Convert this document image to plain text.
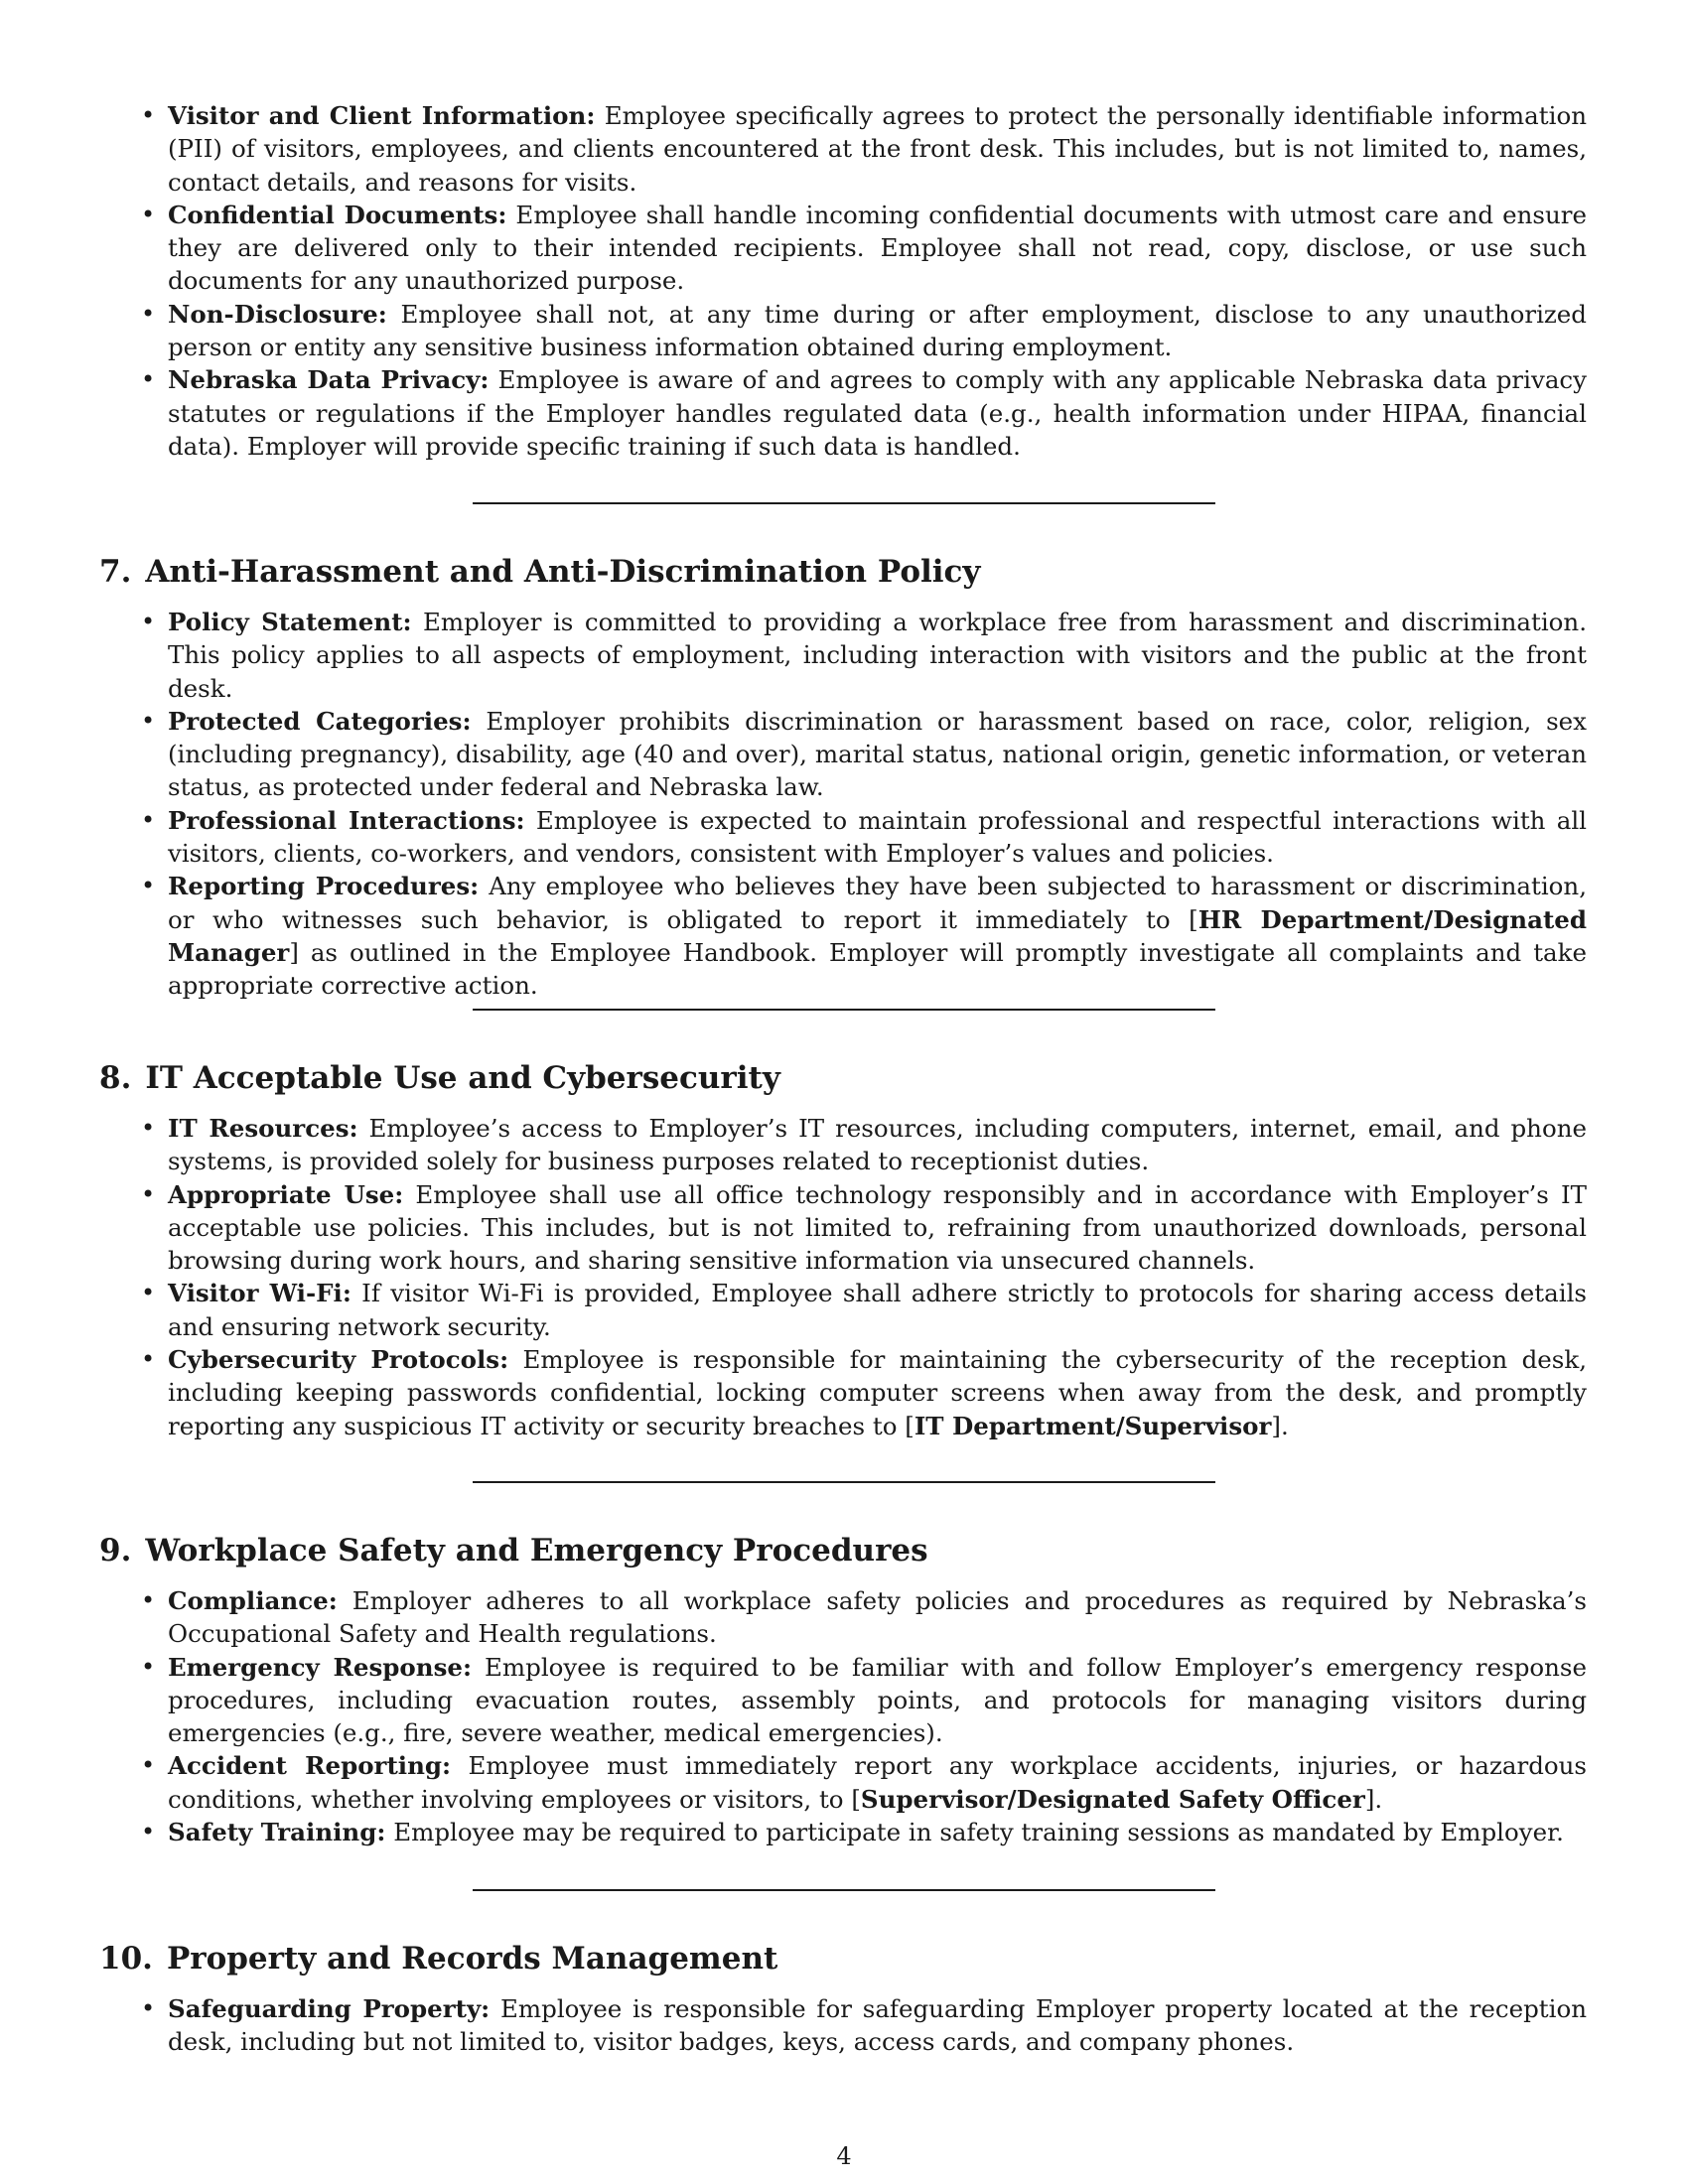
• Visitor and Client Information: Employee specifically agrees to protect the personally identifiable information (PII) of visitors, employees, and clients encountered at the front desk. This includes, but is not limited to, names, contact details, and reasons for visits.
• Confidential Documents: Employee shall handle incoming confidential documents with utmost care and ensure they are delivered only to their intended recipients. Employee shall not read, copy, disclose, or use such documents for any unauthorized purpose.
• Non-Disclosure: Employee shall not, at any time during or after employment, disclose to any unauthorized person or entity any sensitive business information obtained during employment.
• Nebraska Data Privacy: Employee is aware of and agrees to comply with any applicable Nebraska data privacy statutes or regulations if the Employer handles regulated data (e.g., health information under HIPAA, financial data). Employer will provide specific training if such data is handled.
7. Anti-Harassment and Anti-Discrimination Policy
• Policy Statement: Employer is committed to providing a workplace free from harassment and discrimination. This policy applies to all aspects of employment, including interaction with visitors and the public at the front desk.
• Protected Categories: Employer prohibits discrimination or harassment based on race, color, religion, sex (including pregnancy), disability, age (40 and over), marital status, national origin, genetic information, or veteran status, as protected under federal and Nebraska law.
• Professional Interactions: Employee is expected to maintain professional and respectful interactions with all visitors, clients, co-workers, and vendors, consistent with Employer’s values and policies.
• Reporting Procedures: Any employee who believes they have been subjected to harassment or discrimination, or who witnesses such behavior, is obligated to report it immediately to [HR Department/Designated Manager] as outlined in the Employee Handbook. Employer will promptly investigate all complaints and take appropriate corrective action.
8. IT Acceptable Use and Cybersecurity
• IT Resources: Employee’s access to Employer’s IT resources, including computers, internet, email, and phone systems, is provided solely for business purposes related to receptionist duties.
• Appropriate Use: Employee shall use all office technology responsibly and in accordance with Employer’s IT acceptable use policies. This includes, but is not limited to, refraining from unauthorized downloads, personal browsing during work hours, and sharing sensitive information via unsecured channels.
• Visitor Wi-Fi: If visitor Wi-Fi is provided, Employee shall adhere strictly to protocols for sharing access details and ensuring network security.
• Cybersecurity Protocols: Employee is responsible for maintaining the cybersecurity of the reception desk, including keeping passwords confidential, locking computer screens when away from the desk, and promptly reporting any suspicious IT activity or security breaches to [IT Department/Supervisor].
9. Workplace Safety and Emergency Procedures
• Compliance: Employer adheres to all workplace safety policies and procedures as required by Nebraska’s Occupational Safety and Health regulations.
• Emergency Response: Employee is required to be familiar with and follow Employer’s emergency response procedures, including evacuation routes, assembly points, and protocols for managing visitors during emergencies (e.g., fire, severe weather, medical emergencies).
• Accident Reporting: Employee must immediately report any workplace accidents, injuries, or hazardous conditions, whether involving employees or visitors, to [Supervisor/Designated Safety Officer].
• Safety Training: Employee may be required to participate in safety training sessions as mandated by Employer.
10. Property and Records Management
• Safeguarding Property: Employee is responsible for safeguarding Employer property located at the reception desk, including but not limited to, visitor badges, keys, access cards, and company phones.
4
